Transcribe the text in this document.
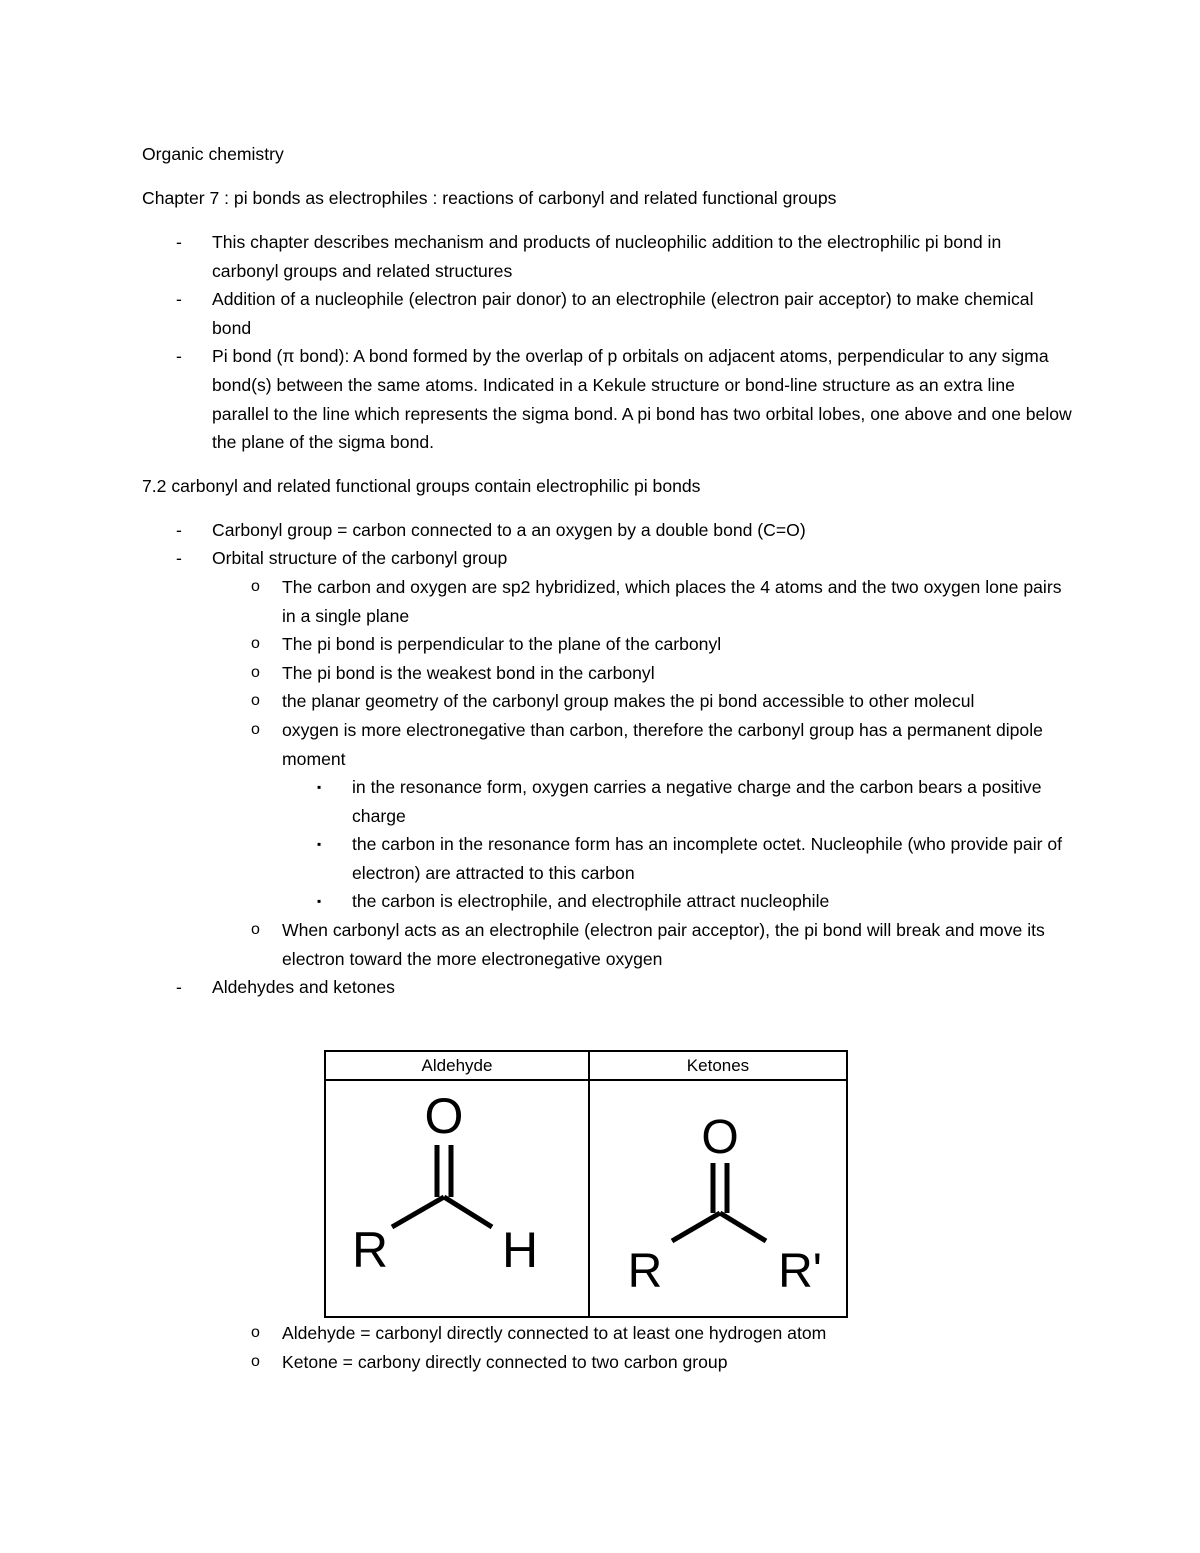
Organic chemistry

Chapter 7 : pi bonds as electrophiles : reactions of carbonyl and related functional groups

- This chapter describes mechanism and products of nucleophilic addition to the electrophilic pi bond in carbonyl groups and related structures
- Addition of a nucleophile (electron pair donor) to an electrophile (electron pair acceptor) to make chemical bond
- Pi bond (π bond): A bond formed by the overlap of p orbitals on adjacent atoms, perpendicular to any sigma bond(s) between the same atoms. Indicated in a Kekule structure or bond-line structure as an extra line parallel to the line which represents the sigma bond. A pi bond has two orbital lobes, one above and one below the plane of the sigma bond.

7.2 carbonyl and related functional groups contain electrophilic pi bonds

- Carbonyl group = carbon connected to a an oxygen by a double bond (C=O)
- Orbital structure of the carbonyl group
o The carbon and oxygen are sp2 hybridized, which places the 4 atoms and the two oxygen lone pairs in a single plane
o The pi bond is perpendicular to the plane of the carbonyl
o The pi bond is the weakest bond in the carbonyl
o the planar geometry of the carbonyl group makes the pi bond accessible to other molecul
o oxygen is more electronegative than carbon, therefore the carbonyl group has a permanent dipole moment
▪ in the resonance form, oxygen carries a negative charge and the carbon bears a positive charge
▪ the carbon in the resonance form has an incomplete octet. Nucleophile (who provide pair of electron) are attracted to this carbon
▪ the carbon is electrophile, and electrophile attract nucleophile
o When carbonyl acts as an electrophile (electron pair acceptor), the pi bond will break and move its electron toward the more electronegative oxygen
- Aldehydes and ketones
Aldehyde
O
R H
Ketones
O
R R'
o Aldehyde = carbonyl directly connected to at least one hydrogen atom
o Ketone = carbony directly connected to two carbon group
